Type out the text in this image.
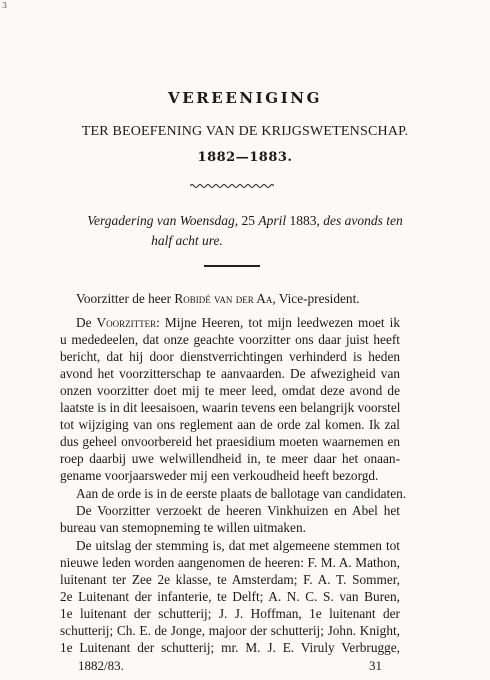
3
VEREENIGING
TER BEOEFENING VAN DE KRIJGSWETENSCHAP.
1882—1883.
Vergadering van Woensdag, 25 April 1883, des avonds ten
half acht ure.
Voorzitter de heer Robidé van der Aa, Vice-president.
De Voorzitter: Mijne Heeren, tot mijn leedwezen moet ik
u mededeelen, dat onze geachte voorzitter ons daar juist heeft
bericht, dat hij door dienstverrichtingen verhinderd is heden
avond het voorzitterschap te aanvaarden. De afwezigheid van
onzen voorzitter doet mij te meer leed, omdat deze avond de
laatste is in dit leesaisoen, waarin tevens een belangrijk voorstel
tot wijziging van ons reglement aan de orde zal komen. Ik zal
dus geheel onvoorbereid het praesidium moeten waarnemen en
roep daarbij uwe welwillendheid in, te meer daar het onaan-
gename voorjaarsweder mij een verkoudheid heeft bezorgd.
Aan de orde is in de eerste plaats de ballotage van candidaten.
De Voorzitter verzoekt de heeren Vinkhuizen en Abel het
bureau van stemopneming te willen uitmaken.
De uitslag der stemming is, dat met algemeene stemmen tot
nieuwe leden worden aangenomen de heeren: F. M. A. Mathon,
luitenant ter Zee 2e klasse, te Amsterdam; F. A. T. Sommer,
2e Luitenant der infanterie, te Delft; A. N. C. S. van Buren,
1e luitenant der schutterij; J. J. Hoffman, 1e luitenant der
schutterij; Ch. E. de Jonge, majoor der schutterij; John. Knight,
1e Luitenant der schutterij; mr. M. J. E. Viruly Verbrugge,
1882/83.	31
